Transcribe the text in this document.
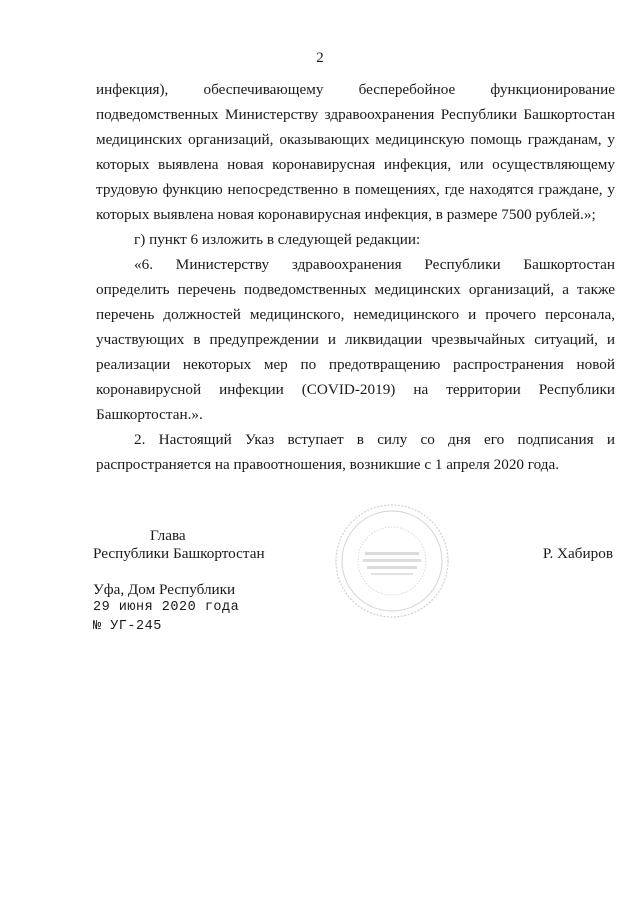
2

инфекция), обеспечивающему бесперебойное функционирование подведомственных Министерству здравоохранения Республики Башкортостан медицинских организаций, оказывающих медицинскую помощь гражданам, у которых выявлена новая коронавирусная инфекция, или осуществляющему трудовую функцию непосредственно в помещениях, где находятся граждане, у которых выявлена новая коронавирусная инфекция, в размере 7500 рублей.»;

г) пункт 6 изложить в следующей редакции:

«6. Министерству здравоохранения Республики Башкортостан определить перечень подведомственных медицинских организаций, а также перечень должностей медицинского, немедицинского и прочего персонала, участвующих в предупреждении и ликвидации чрезвычайных ситуаций, и реализации некоторых мер по предотвращению распространения новой коронавирусной инфекции (COVID-2019) на территории Республики Башкортостан.».

2. Настоящий Указ вступает в силу со дня его подписания и распространяется на правоотношения, возникшие с 1 апреля 2020 года.

Глава
Республики Башкортостан	Р. Хабиров
Уфа, Дом Республики
29 июня 2020 года
№ УГ-245
